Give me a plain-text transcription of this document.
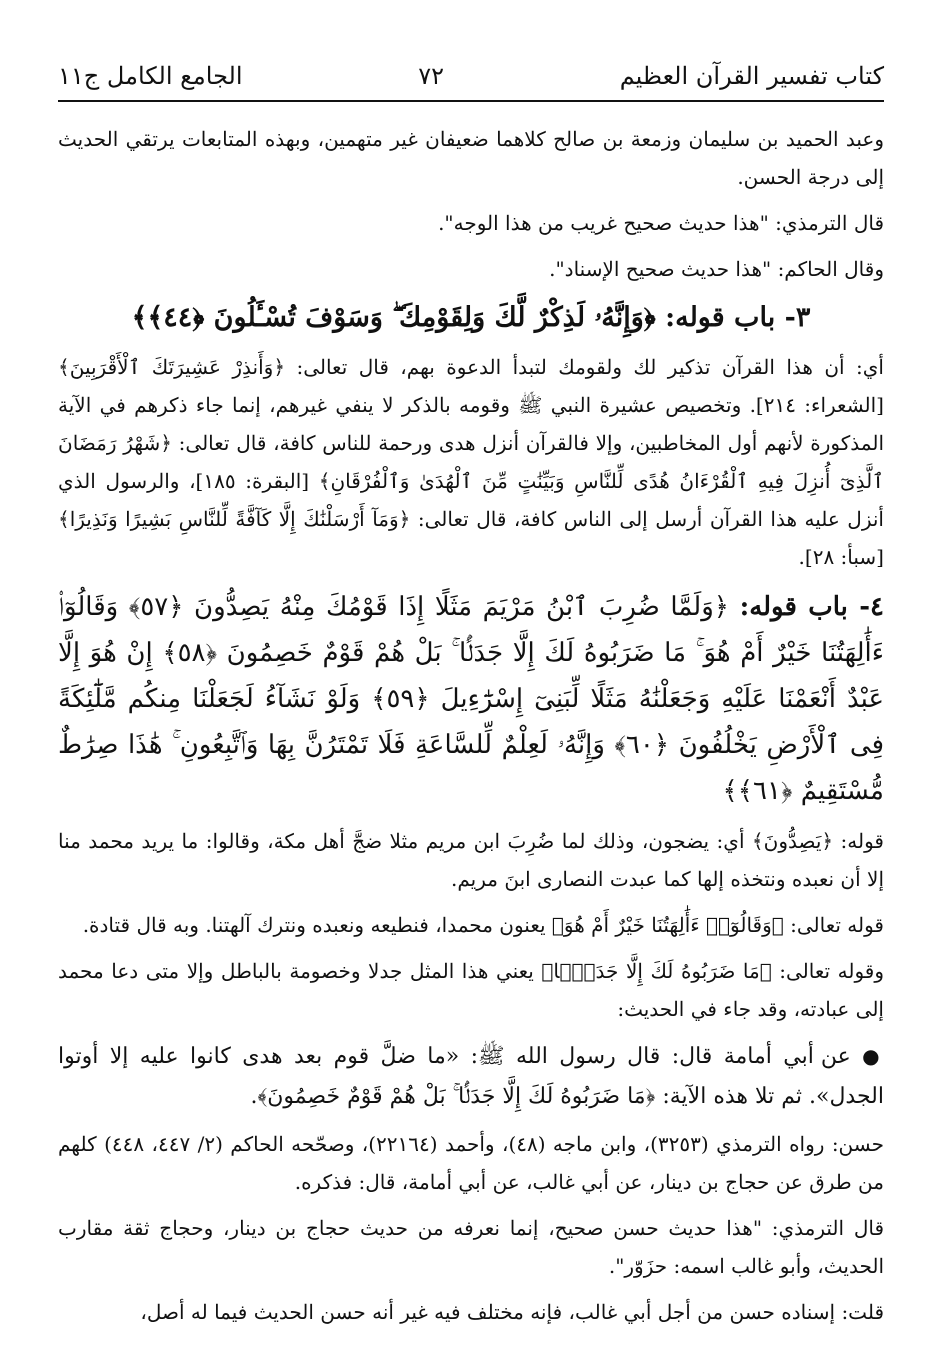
كتاب تفسير القرآن العظيم
٧٢
الجامع الكامل ج١١

وعبد الحميد بن سليمان وزمعة بن صالح كلاهما ضعيفان غير متهمين، وبهذه المتابعات يرتقي الحديث إلى درجة الحسن.

قال الترمذي: "هذا حديث صحيح غريب من هذا الوجه".

وقال الحاكم: "هذا حديث صحيح الإسناد".

٣- باب قوله: ﴿وَإِنَّهُۥ لَذِكْرٌ لَّكَ وَلِقَوْمِكَ ۖ وَسَوْفَ تُسْـَٔلُونَ ﴿٤٤﴾﴾

أي: أن هذا القرآن تذكير لك ولقومك لتبدأ الدعوة بهم، قال تعالى: ﴿وَأَنذِرْ عَشِيرَتَكَ ٱلْأَقْرَبِينَ﴾ [الشعراء: ٢١٤]. وتخصيص عشيرة النبي ﷺ وقومه بالذكر لا ينفي غيرهم، إنما جاء ذكرهم في الآية المذكورة لأنهم أول المخاطبين، وإلا فالقرآن أنزل هدى ورحمة للناس كافة، قال تعالى: ﴿شَهْرُ رَمَضَانَ ٱلَّذِىٓ أُنزِلَ فِيهِ ٱلْقُرْءَانُ هُدًى لِّلنَّاسِ وَبَيِّنَٰتٍ مِّنَ ٱلْهُدَىٰ وَٱلْفُرْقَانِ﴾ [البقرة: ١٨٥]، والرسول الذي أنزل عليه هذا القرآن أرسل إلى الناس كافة، قال تعالى: ﴿وَمَآ أَرْسَلْنَٰكَ إِلَّا كَآفَّةً لِّلنَّاسِ بَشِيرًا وَنَذِيرًا﴾ [سبأ: ٢٨].

٤- باب قوله: ﴿وَلَمَّا ضُرِبَ ٱبْنُ مَرْيَمَ مَثَلًا إِذَا قَوْمُكَ مِنْهُ يَصِدُّونَ ﴿٥٧﴾ وَقَالُوٓا۟ ءَأَٰلِهَتُنَا خَيْرٌ أَمْ هُوَ ۚ مَا ضَرَبُوهُ لَكَ إِلَّا جَدَلًۢا ۚ بَلْ هُمْ قَوْمٌ خَصِمُونَ ﴿٥٨﴾ إِنْ هُوَ إِلَّا عَبْدٌ أَنْعَمْنَا عَلَيْهِ وَجَعَلْنَٰهُ مَثَلًا لِّبَنِىٓ إِسْرَٰٓءِيلَ ﴿٥٩﴾ وَلَوْ نَشَآءُ لَجَعَلْنَا مِنكُم مَّلَٰٓئِكَةً فِى ٱلْأَرْضِ يَخْلُفُونَ ﴿٦٠﴾ وَإِنَّهُۥ لَعِلْمٌ لِّلسَّاعَةِ فَلَا تَمْتَرُنَّ بِهَا وَٱتَّبِعُونِ ۚ هَٰذَا صِرَٰطٌ مُّسْتَقِيمٌ ﴿٦١﴾﴾

قوله: ﴿يَصِدُّونَ﴾ أي: يضجون، وذلك لما ضُرِبَ ابن مريم مثلا ضجَّ أهل مكة، وقالوا: ما يريد محمد منا إلا أن نعبده ونتخذه إلها كما عبدت النصارى ابنَ مريم.

قوله تعالى: ﴿وَقَالُوٓا۟ ءَأَٰلِهَتُنَا خَيْرٌ أَمْ هُوَ﴾ يعنون محمدا، فنطيعه ونعبده ونترك آلهتنا. وبه قال قتادة.

وقوله تعالى: ﴿مَا ضَرَبُوهُ لَكَ إِلَّا جَدَلًۢا﴾ يعني هذا المثل جدلا وخصومة بالباطل وإلا متى دعا محمد إلى عبادته، وقد جاء في الحديث:

● عن أبي أمامة قال: قال رسول الله ﷺ: «ما ضلَّ قوم بعد هدى كانوا عليه إلا أوتوا الجدل». ثم تلا هذه الآية: ﴿مَا ضَرَبُوهُ لَكَ إِلَّا جَدَلًۢا ۚ بَلْ هُمْ قَوْمٌ خَصِمُونَ﴾.

حسن: رواه الترمذي (٣٢٥٣)، وابن ماجه (٤٨)، وأحمد (٢٢١٦٤)، وصحّحه الحاكم (٢/ ٤٤٧، ٤٤٨) كلهم من طرق عن حجاج بن دينار، عن أبي غالب، عن أبي أمامة، قال: فذكره.

قال الترمذي: "هذا حديث حسن صحيح، إنما نعرفه من حديث حجاج بن دينار، وحجاج ثقة مقارب الحديث، وأبو غالب اسمه: حزَوّر".

قلت: إسناده حسن من أجل أبي غالب، فإنه مختلف فيه غير أنه حسن الحديث فيما له أصل،
